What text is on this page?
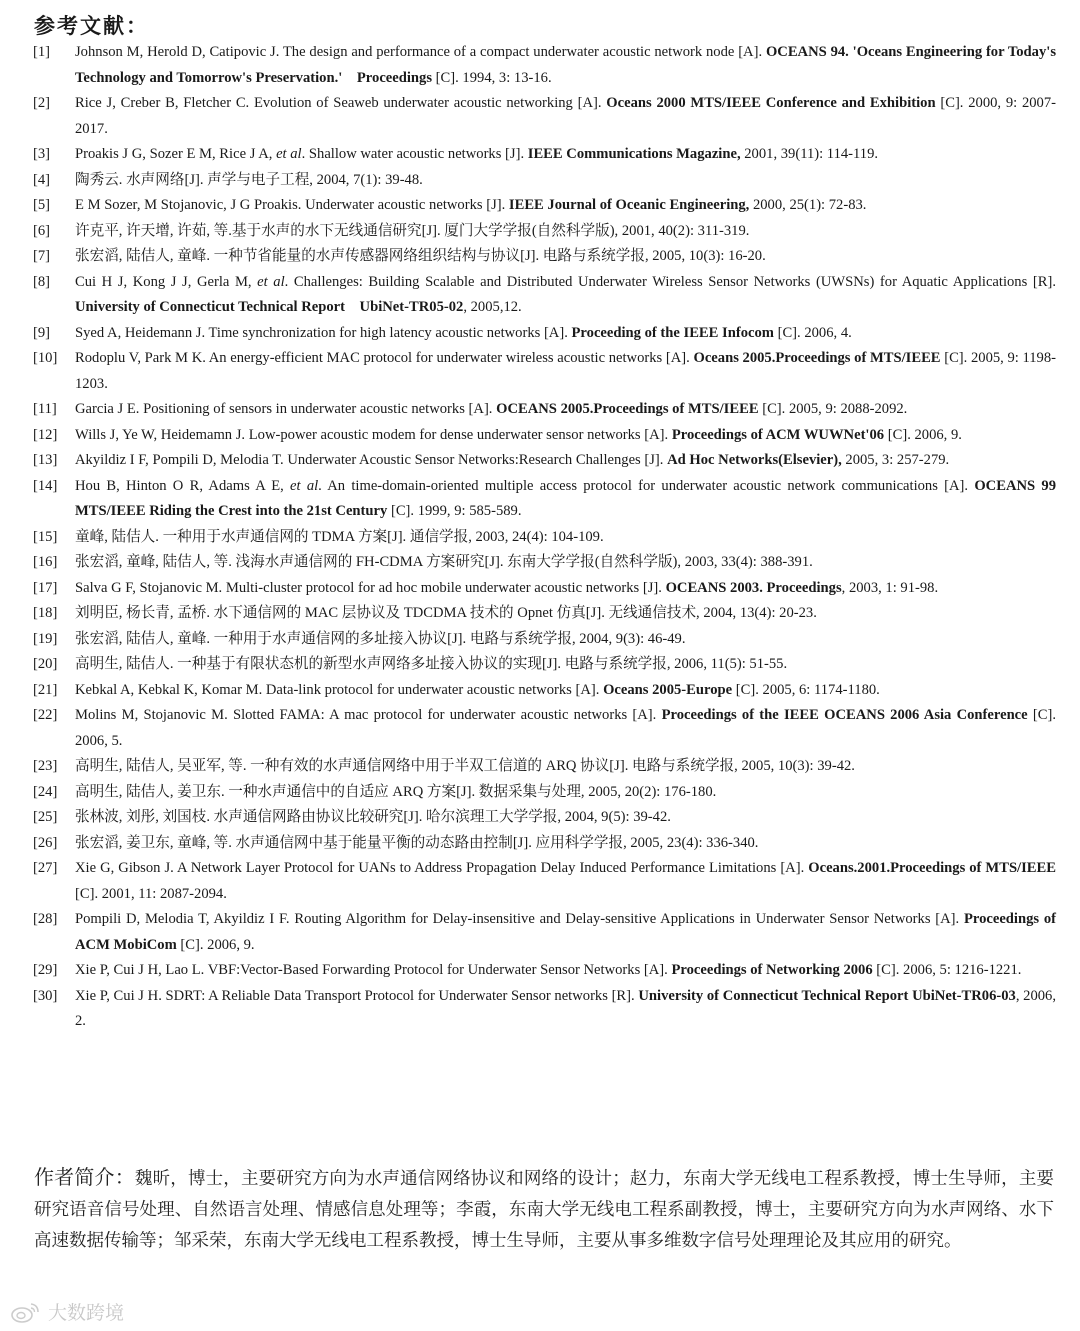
参考文献：
[1] Johnson M, Herold D, Catipovic J. The design and performance of a compact underwater acoustic network node [A]. OCEANS 94. 'Oceans Engineering for Today's Technology and Tomorrow's Preservation.'　Proceedings [C]. 1994, 3: 13-16.
[2] Rice J, Creber B, Fletcher C. Evolution of Seaweb underwater acoustic networking [A]. Oceans 2000 MTS/IEEE Conference and Exhibition [C]. 2000, 9: 2007-2017.
[3] Proakis J G, Sozer E M, Rice J A, et al. Shallow water acoustic networks [J]. IEEE Communications Magazine, 2001, 39(11): 114-119.
[4] 陶秀云. 水声网络[J]. 声学与电子工程, 2004, 7(1): 39-48.
[5] E M Sozer, M Stojanovic, J G Proakis. Underwater acoustic networks [J]. IEEE Journal of Oceanic Engineering, 2000, 25(1): 72-83.
[6] 许克平, 许天增, 许茹, 等.基于水声的水下无线通信研究[J]. 厦门大学学报(自然科学版), 2001, 40(2): 311-319.
[7] 张宏滔, 陆佶人, 童峰. 一种节省能量的水声传感器网络组织结构与协议[J]. 电路与系统学报, 2005, 10(3): 16-20.
[8] Cui H J, Kong J J, Gerla M, et al. Challenges: Building Scalable and Distributed Underwater Wireless Sensor Networks (UWSNs) for Aquatic Applications [R]. University of Connecticut Technical Report　UbiNet-TR05-02, 2005,12.
[9] Syed A, Heidemann J. Time synchronization for high latency acoustic networks [A]. Proceeding of the IEEE Infocom [C]. 2006, 4.
[10] Rodoplu V, Park M K. An energy-efficient MAC protocol for underwater wireless acoustic networks [A]. Oceans 2005.Proceedings of MTS/IEEE [C]. 2005, 9: 1198-1203.
[11] Garcia J E. Positioning of sensors in underwater acoustic networks [A]. OCEANS 2005.Proceedings of MTS/IEEE [C]. 2005, 9: 2088-2092.
[12] Wills J, Ye W, Heidemamn J. Low-power acoustic modem for dense underwater sensor networks [A]. Proceedings of ACM WUWNet'06 [C]. 2006, 9.
[13] Akyildiz I F, Pompili D, Melodia T. Underwater Acoustic Sensor Networks:Research Challenges [J]. Ad Hoc Networks(Elsevier), 2005, 3: 257-279.
[14] Hou B, Hinton O R, Adams A E, et al. An time-domain-oriented multiple access protocol for underwater acoustic network communications [A]. OCEANS 99 MTS/IEEE Riding the Crest into the 21st Century [C]. 1999, 9: 585-589.
[15] 童峰, 陆佶人. 一种用于水声通信网的 TDMA 方案[J]. 通信学报, 2003, 24(4): 104-109.
[16] 张宏滔, 童峰, 陆佶人, 等. 浅海水声通信网的 FH-CDMA 方案研究[J]. 东南大学学报(自然科学版), 2003, 33(4): 388-391.
[17] Salva G F, Stojanovic M. Multi-cluster protocol for ad hoc mobile underwater acoustic networks [J]. OCEANS 2003. Proceedings, 2003, 1: 91-98.
[18] 刘明臣, 杨长青, 孟桥. 水下通信网的 MAC 层协议及 TDCDMA 技术的 Opnet 仿真[J]. 无线通信技术, 2004, 13(4): 20-23.
[19] 张宏滔, 陆佶人, 童峰. 一种用于水声通信网的多址接入协议[J]. 电路与系统学报, 2004, 9(3): 46-49.
[20] 高明生, 陆佶人. 一种基于有限状态机的新型水声网络多址接入协议的实现[J]. 电路与系统学报, 2006, 11(5): 51-55.
[21] Kebkal A, Kebkal K, Komar M. Data-link protocol for underwater acoustic networks [A]. Oceans 2005-Europe [C]. 2005, 6: 1174-1180.
[22] Molins M, Stojanovic M. Slotted FAMA: A mac protocol for underwater acoustic networks [A]. Proceedings of the IEEE OCEANS 2006 Asia Conference [C]. 2006, 5.
[23] 高明生, 陆佶人, 吴亚军, 等. 一种有效的水声通信网络中用于半双工信道的 ARQ 协议[J]. 电路与系统学报, 2005, 10(3): 39-42.
[24] 高明生, 陆佶人, 姜卫东. 一种水声通信中的自适应 ARQ 方案[J]. 数据采集与处理, 2005, 20(2): 176-180.
[25] 张林波, 刘彤, 刘国枝. 水声通信网路由协议比较研究[J]. 哈尔滨理工大学学报, 2004, 9(5): 39-42.
[26] 张宏滔, 姜卫东, 童峰, 等. 水声通信网中基于能量平衡的动态路由控制[J]. 应用科学学报, 2005, 23(4): 336-340.
[27] Xie G, Gibson J. A Network Layer Protocol for UANs to Address Propagation Delay Induced Performance Limitations [A]. Oceans.2001.Proceedings of MTS/IEEE [C]. 2001, 11: 2087-2094.
[28] Pompili D, Melodia T, Akyildiz I F. Routing Algorithm for Delay-insensitive and Delay-sensitive Applications in Underwater Sensor Networks [A]. Proceedings of ACM MobiCom [C]. 2006, 9.
[29] Xie P, Cui J H, Lao L. VBF:Vector-Based Forwarding Protocol for Underwater Sensor Networks [A]. Proceedings of Networking 2006 [C]. 2006, 5: 1216-1221.
[30] Xie P, Cui J H. SDRT: A Reliable Data Transport Protocol for Underwater Sensor networks [R]. University of Connecticut Technical Report UbiNet-TR06-03, 2006, 2.
作者简介：魏昕，博士，主要研究方向为水声通信网络协议和网络的设计；赵力，东南大学无线电工程系教授，博士生导师，主要研究语音信号处理、自然语言处理、情感信息处理等；李霞，东南大学无线电工程系副教授，博士，主要研究方向为水声网络、水下高速数据传输等；邹采荣，东南大学无线电工程系教授，博士生导师，主要从事多维数字信号处理理论及其应用的研究。
大数跨境
